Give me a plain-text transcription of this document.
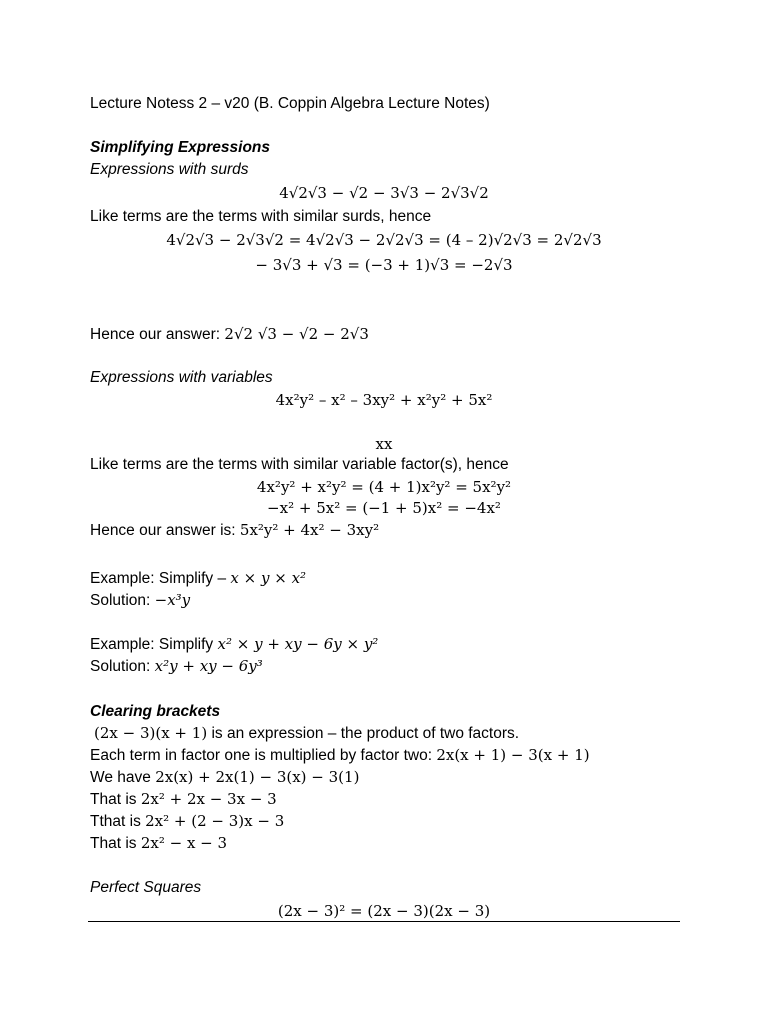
Lecture Notess 2 – v20 (B. Coppin Algebra Lecture Notes)
Simplifying Expressions
Expressions with surds
4√2√3 − √2 − 3√3 − 2√3√2
Like terms are the terms with similar surds, hence
4√2√3 − 2√3√2 = 4√2√3 − 2√2√3 = (4 – 2)√2√3 = 2√2√3
− 3√3 + √3 = (−3 + 1)√3 = −2√3
Hence our answer: 2√2 √3 − √2 − 2√3
Expressions with variables
4x²y² – x² – 3xy² + x²y² + 5x²
xx
Like terms are the terms with similar variable factor(s), hence
4x²y² + x²y² = (4 + 1)x²y² = 5x²y²
−x² + 5x² = (−1 + 5)x² = −4x²
Hence our answer is: 5x²y² + 4x² − 3xy²
Example: Simplify – x × y × x²
Solution: −x³y
Example: Simplify x² × y + xy − 6y × y²
Solution: x²y + xy − 6y³
Clearing brackets
(2x − 3)(x + 1) is an expression – the product of two factors.
Each term in factor one is multiplied by factor two: 2x(x + 1) − 3(x + 1)
We have 2x(x) + 2x(1) − 3(x) − 3(1)
That is 2x² + 2x − 3x − 3
Tthat is 2x² + (2 − 3)x − 3
That is 2x² − x − 3
Perfect Squares
(2x − 3)² = (2x − 3)(2x − 3)
